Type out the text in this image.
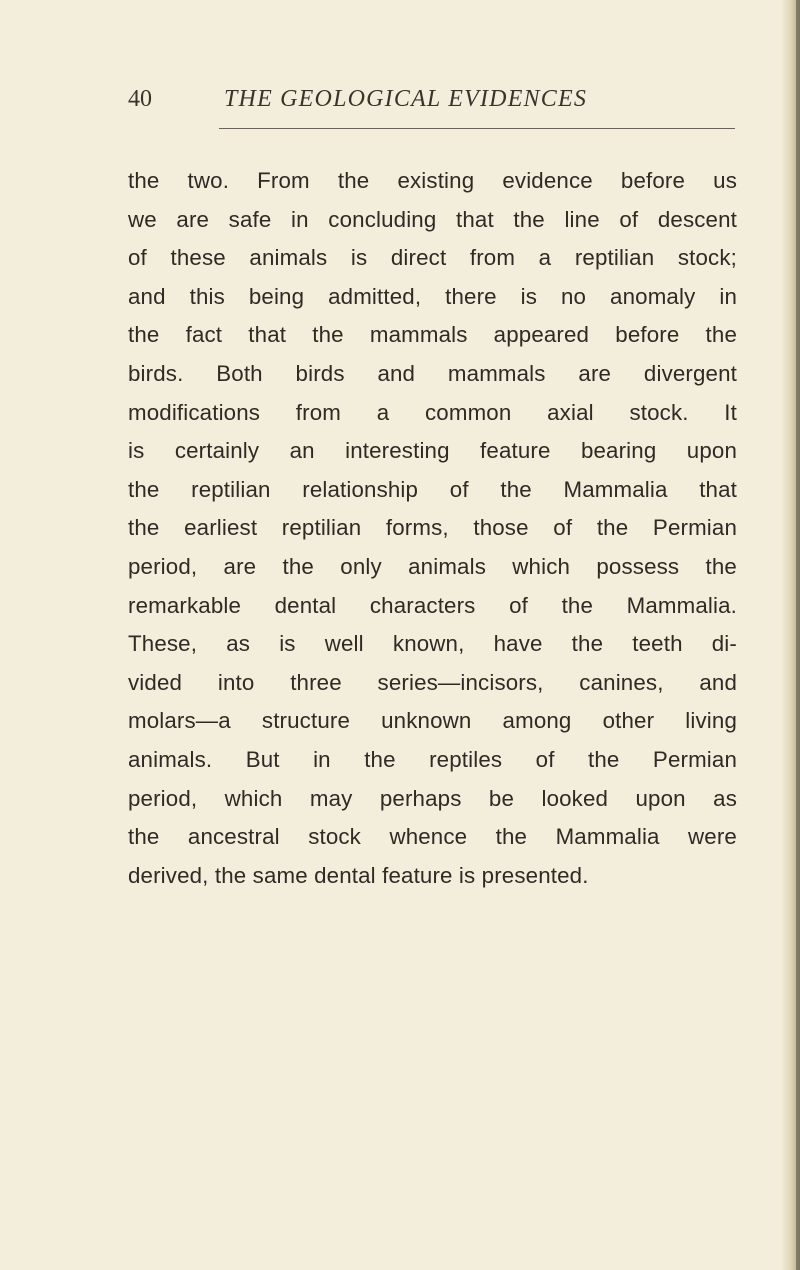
40	THE GEOLOGICAL EVIDENCES
the two. From the existing evidence before us
we are safe in concluding that the line of descent
of these animals is direct from a reptilian stock;
and this being admitted, there is no anomaly in
the fact that the mammals appeared before the
birds. Both birds and mammals are divergent
modifications from a common axial stock. It
is certainly an interesting feature bearing upon
the reptilian relationship of the Mammalia that
the earliest reptilian forms, those of the Permian
period, are the only animals which possess the
remarkable dental characters of the Mammalia.
These, as is well known, have the teeth di-
vided into three series—incisors, canines, and
molars—a structure unknown among other living
animals. But in the reptiles of the Permian
period, which may perhaps be looked upon as
the ancestral stock whence the Mammalia were
derived, the same dental feature is presented.
